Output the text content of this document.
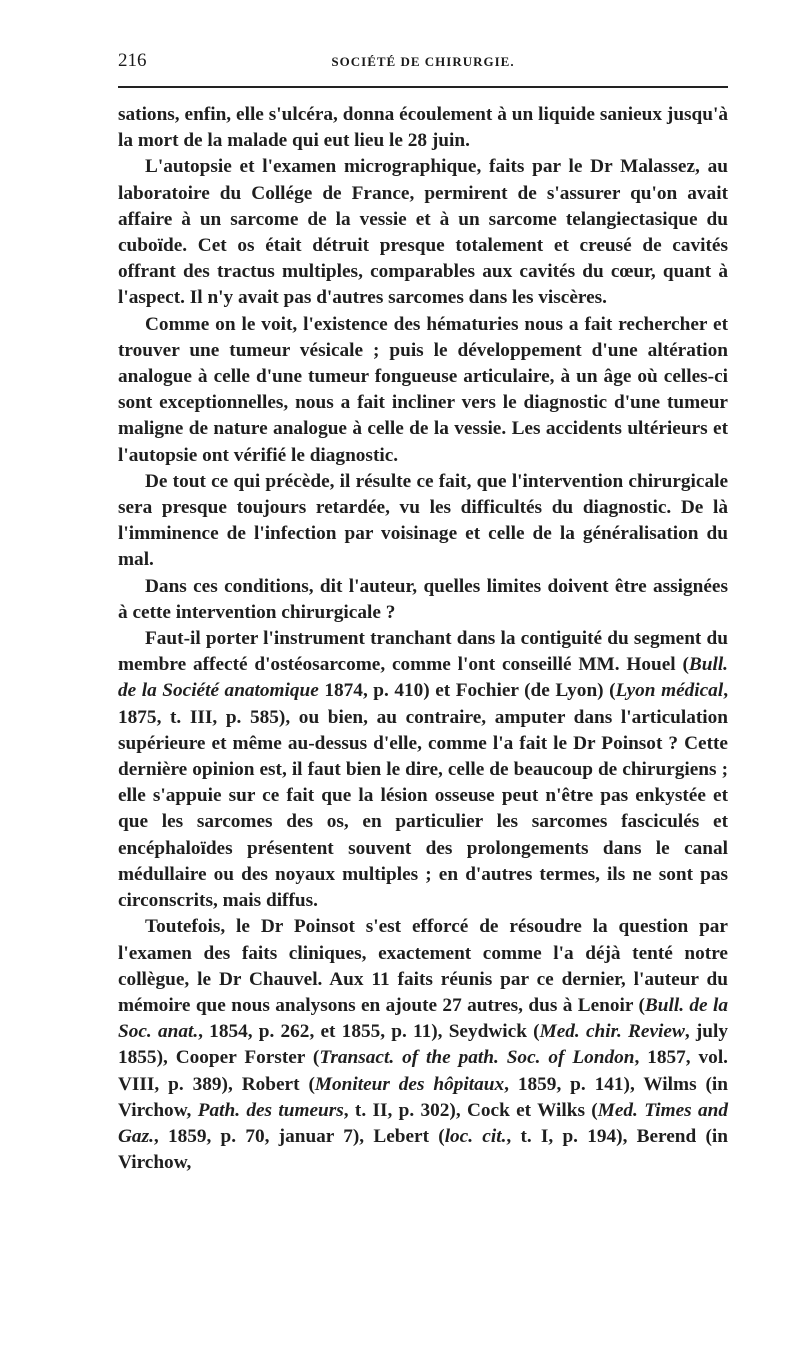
216	SOCIÉTÉ DE CHIRURGIE.

sations, enfin, elle s'ulcéra, donna écoulement à un liquide sanieux jusqu'à la mort de la malade qui eut lieu le 28 juin.

L'autopsie et l'examen micrographique, faits par le Dr Malassez, au laboratoire du Collége de France, permirent de s'assurer qu'on avait affaire à un sarcome de la vessie et à un sarcome telangiectasique du cuboïde. Cet os était détruit presque totalement et creusé de cavités offrant des tractus multiples, comparables aux cavités du cœur, quant à l'aspect. Il n'y avait pas d'autres sarcomes dans les viscères.

Comme on le voit, l'existence des hématuries nous a fait rechercher et trouver une tumeur vésicale ; puis le développement d'une altération analogue à celle d'une tumeur fongueuse articulaire, à un âge où celles-ci sont exceptionnelles, nous a fait incliner vers le diagnostic d'une tumeur maligne de nature analogue à celle de la vessie. Les accidents ultérieurs et l'autopsie ont vérifié le diagnostic.

De tout ce qui précède, il résulte ce fait, que l'intervention chirurgicale sera presque toujours retardée, vu les difficultés du diagnostic. De là l'imminence de l'infection par voisinage et celle de la généralisation du mal.

Dans ces conditions, dit l'auteur, quelles limites doivent être assignées à cette intervention chirurgicale ?

Faut-il porter l'instrument tranchant dans la contiguité du segment du membre affecté d'ostéosarcome, comme l'ont conseillé MM. Houel (Bull. de la Société anatomique 1874, p. 410) et Fochier (de Lyon) (Lyon médical, 1875, t. III, p. 585), ou bien, au contraire, amputer dans l'articulation supérieure et même au-dessus d'elle, comme l'a fait le Dr Poinsot ? Cette dernière opinion est, il faut bien le dire, celle de beaucoup de chirurgiens ; elle s'appuie sur ce fait que la lésion osseuse peut n'être pas enkystée et que les sarcomes des os, en particulier les sarcomes fasciculés et encéphaloïdes présentent souvent des prolongements dans le canal médullaire ou des noyaux multiples ; en d'autres termes, ils ne sont pas circonscrits, mais diffus.

Toutefois, le Dr Poinsot s'est efforcé de résoudre la question par l'examen des faits cliniques, exactement comme l'a déjà tenté notre collègue, le Dr Chauvel. Aux 11 faits réunis par ce dernier, l'auteur du mémoire que nous analysons en ajoute 27 autres, dus à Lenoir (Bull. de la Soc. anat., 1854, p. 262, et 1855, p. 11), Seydwick (Med. chir. Review, july 1855), Cooper Forster (Transact. of the path. Soc. of London, 1857, vol. VIII, p. 389), Robert (Moniteur des hôpitaux, 1859, p. 141), Wilms (in Virchow, Path. des tumeurs, t. II, p. 302), Cock et Wilks (Med. Times and Gaz., 1859, p. 70, januar 7), Lebert (loc. cit., t. I, p. 194), Berend (in Virchow,
